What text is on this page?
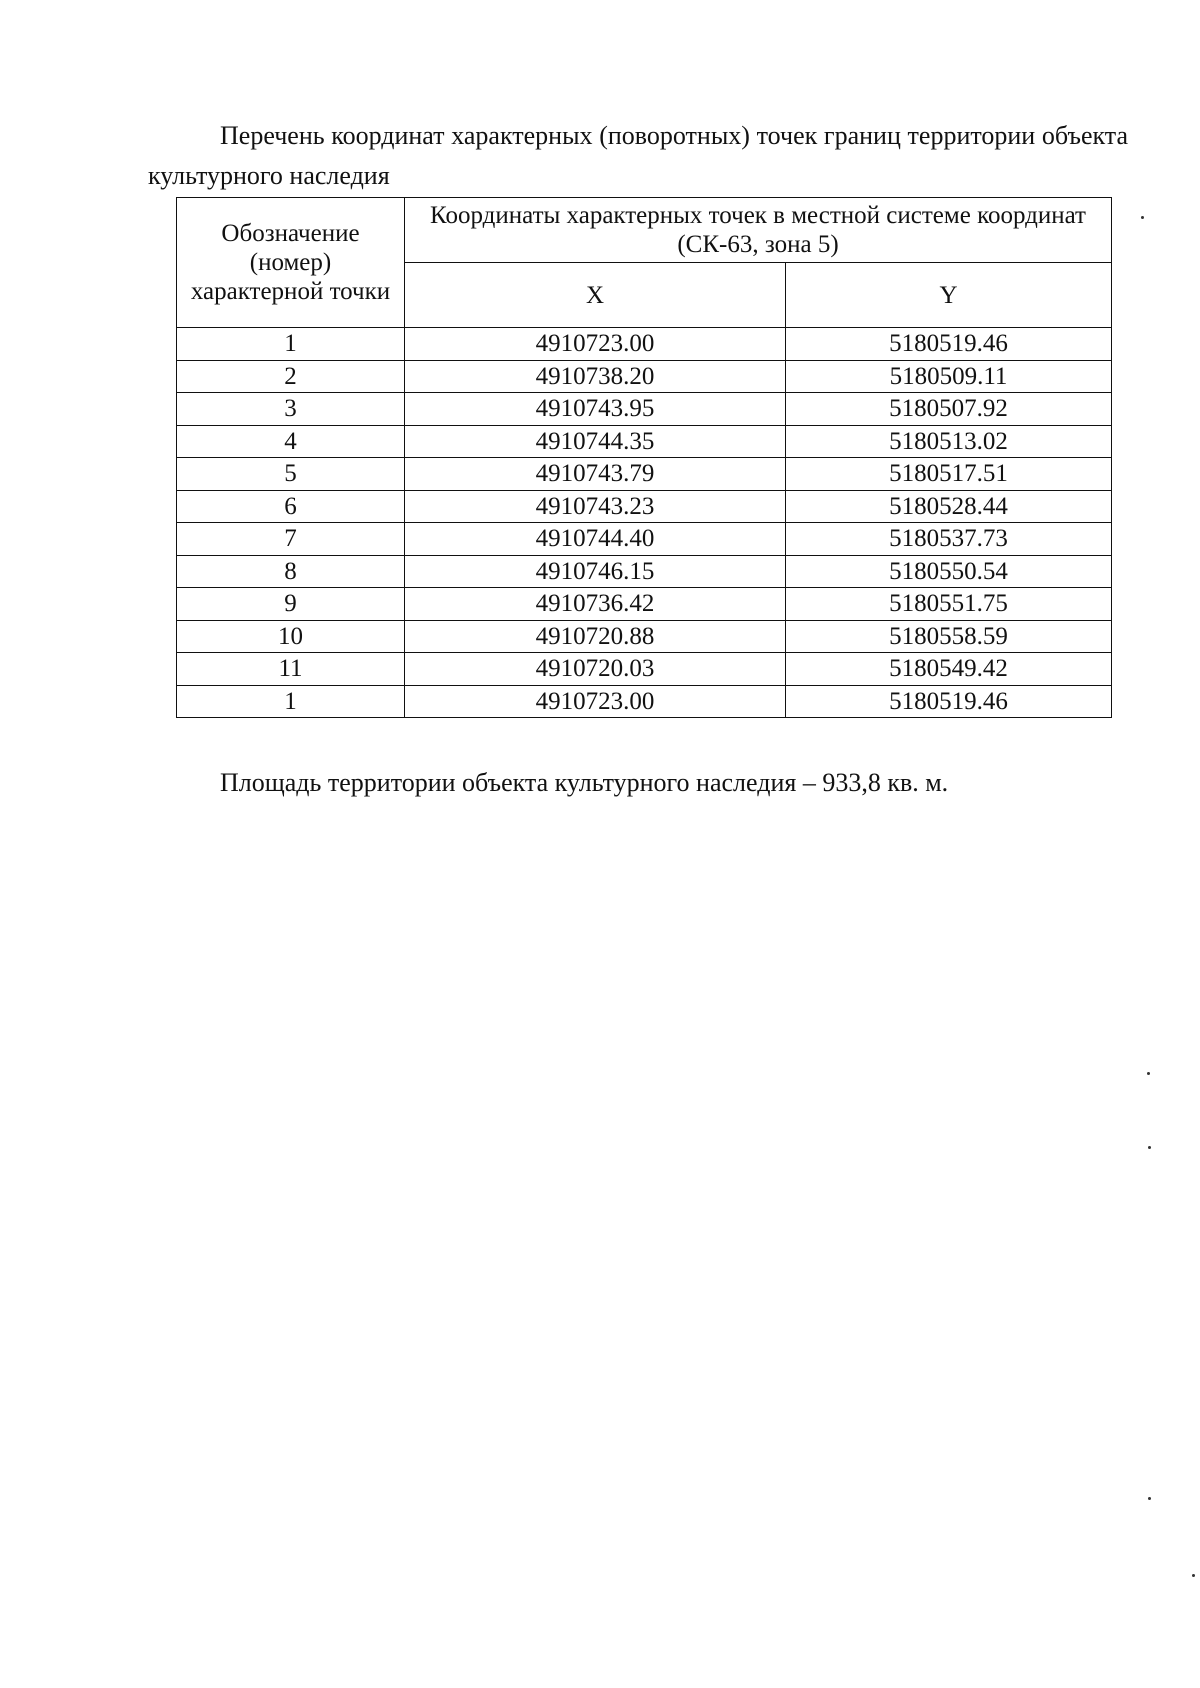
Перечень координат характерных (поворотных) точек границ территории объекта культурного наследия

Обозначение (номер) характерной точки	Координаты характерных точек в местной системе координат (СК-63, зона 5)	
	X	Y
1	4910723.00	5180519.46
2	4910738.20	5180509.11
3	4910743.95	5180507.92
4	4910744.35	5180513.02
5	4910743.79	5180517.51
6	4910743.23	5180528.44
7	4910744.40	5180537.73
8	4910746.15	5180550.54
9	4910736.42	5180551.75
10	4910720.88	5180558.59
11	4910720.03	5180549.42
1	4910723.00	5180519.46

Площадь территории объекта культурного наследия – 933,8 кв. м.
